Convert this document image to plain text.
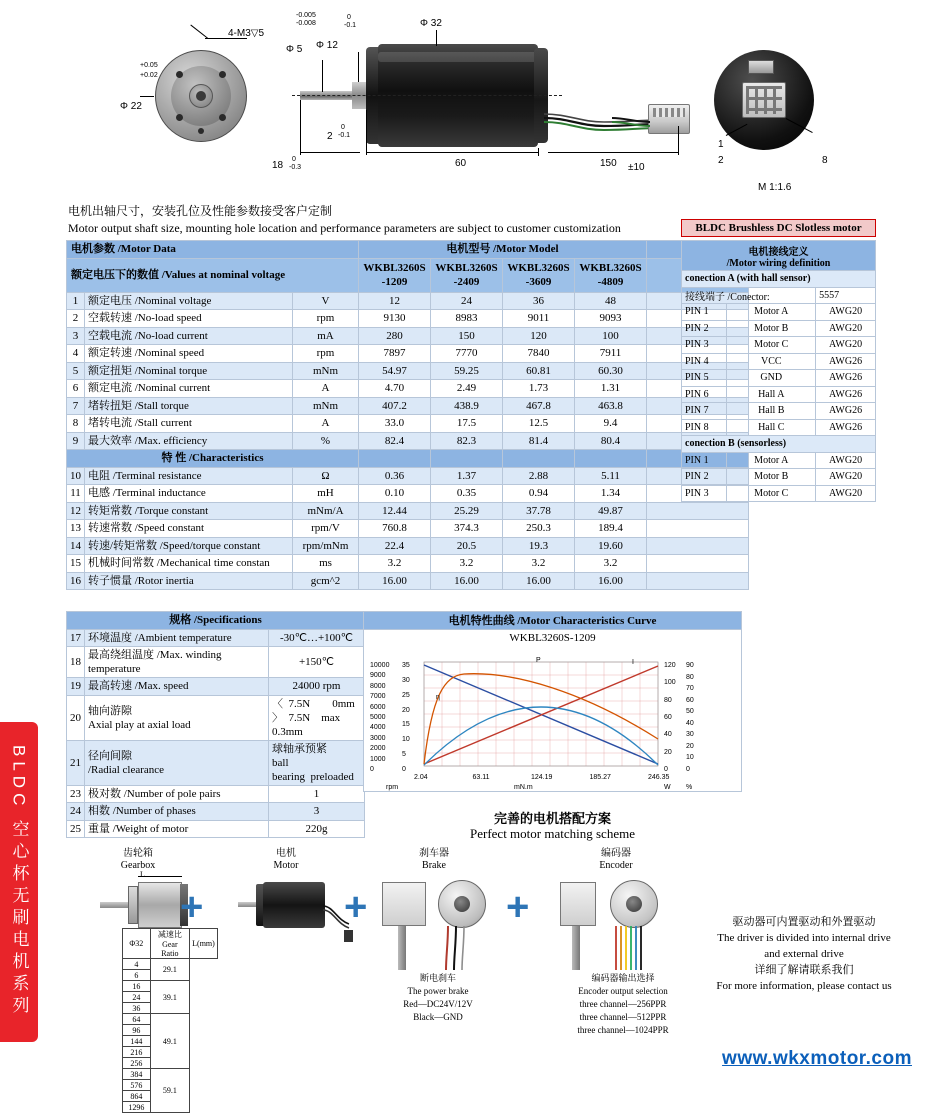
BLDC 空心杯无刷电机系列
4-M3▽5
Φ 22
Φ 5 Φ 12
Φ 32
2
18	60	150 ±10
M 1:1.6
1
2	8
+0.05
+0.02
-0.005
-0.008
0
-0.1
0
-0.1
0
-0.3
电机出轴尺寸，安装孔位及性能参数接受客户定制
Motor output shaft size, mounting hole location and performance parameters are subject to customer customization	BLDC Brushless DC Slotless motor
电机参数 /Motor Data			电机型号 /Motor Model				
额定电压下的数值 /Values at nominal voltage			WKBL3260S
-1209	WKBL3260S
-2409	WKBL3260S
-3609	WKBL3260S
-4809	
1	额定电压 /Nominal voltage	V	12	24	36	48	
2	空载转速 /No-load speed	rpm	9130	8983	9011	9093	
3	空载电流 /No-load current	mA	280	150	120	100	
4	额定转速 /Nominal speed	rpm	7897	7770	7840	7911	
5	额定扭矩 /Nominal torque	mNm	54.97	59.25	60.81	60.30	
6	额定电流 /Nominal current	A	4.70	2.49	1.73	1.31	
7	堵转扭矩 /Stall torque	mNm	407.2	438.9	467.8	463.8	
8	堵转电流 /Stall current	A	33.0	17.5	12.5	9.4	
9	最大效率 /Max. efficiency	%	82.4	82.3	81.4	80.4	
特 性 /Characteristics							
10	电阻 /Terminal resistance	Ω	0.36	1.37	2.88	5.11	
11	电感 /Terminal inductance	mH	0.10	0.35	0.94	1.34	
12	转矩常数 /Torque constant	mNm/A	12.44	25.29	37.78	49.87	
13	转速常数 /Speed constant	rpm/V	760.8	374.3	250.3	189.4	
14	转速/转矩常数 /Speed/torque constant	rpm/mNm	22.4	20.5	19.3	19.60	
15	机械时间常数 /Mechanical time constan	ms	3.2	3.2	3.2	3.2	
16	转子惯量 /Rotor inertia	gcm^2	16.00	16.00	16.00	16.00	
规格 /Specifications		
17	环境温度 /Ambient temperature	-30℃…+100℃
18	最高绕组温度 /Max. winding temperature	+150℃
19	最高转速 /Max. speed	24000 rpm
20	轴向游隙
Axial play at axial load	〈  7.5N        0mm
〉  7.5N    max 0.3mm
21	径向间隙
/Radial clearance	球轴承预紧
ball bearing  preloaded
23	极对数 /Number of pole pairs	1
24	相数 /Number of phases	3
25	重量 /Weight of motor	220g
电机接线定义
/Motor wiring definition		
conection A (with hall sensor)		
接线端子 /Conector:		5557
PIN 1	Motor A	AWG20
PIN 2	Motor B	AWG20
PIN 3	Motor C	AWG20
PIN 4	VCC	AWG26
PIN 5	GND	AWG26
PIN 6	Hall A	AWG26
PIN 7	Hall B	AWG26
PIN 8	Hall C	AWG26
conection B (sensorless)		
PIN 1	Motor A	AWG20
PIN 2	Motor B	AWG20
PIN 3	Motor C	AWG20
电机特性曲线 /Motor Characteristics Curve
WKBL3260S-1209
η
P	I
10000
9000
8000
7000
6000
5000
4000
3000
2000
1000
0
35
30
25
20
15
10
5
0
120
100
80
60
40
20
0
90
80
70
60
50
40
30
20
10
0
2.04	63.11	124.19	185.27	246.35
rpm	mN.m	W %
完善的电机搭配方案
Perfect motor matching scheme
齿轮箱
Gearbox
电机
Motor
刹车器
Brake
编码器
Encoder
L
+	+	+
Φ32	减速比
Gear Ratio	L(mm)
4	29.1	
6		
16	39.1	
24		
36		
64	49.1	
96		
144		
216		
256		
384	59.1	
576		
864		
1296		
断电刹车
The power brake
Red—DC24V/12V
Black—GND
编码器输出选择
Encoder output selection
three channel—256PPR
three channel—512PPR
three channel—1024PPR
驱动器可内置驱动和外置驱动
The driver is divided into internal drive
and external drive
详细了解请联系我们
For more information, please contact us
www.wkxmotor.com
